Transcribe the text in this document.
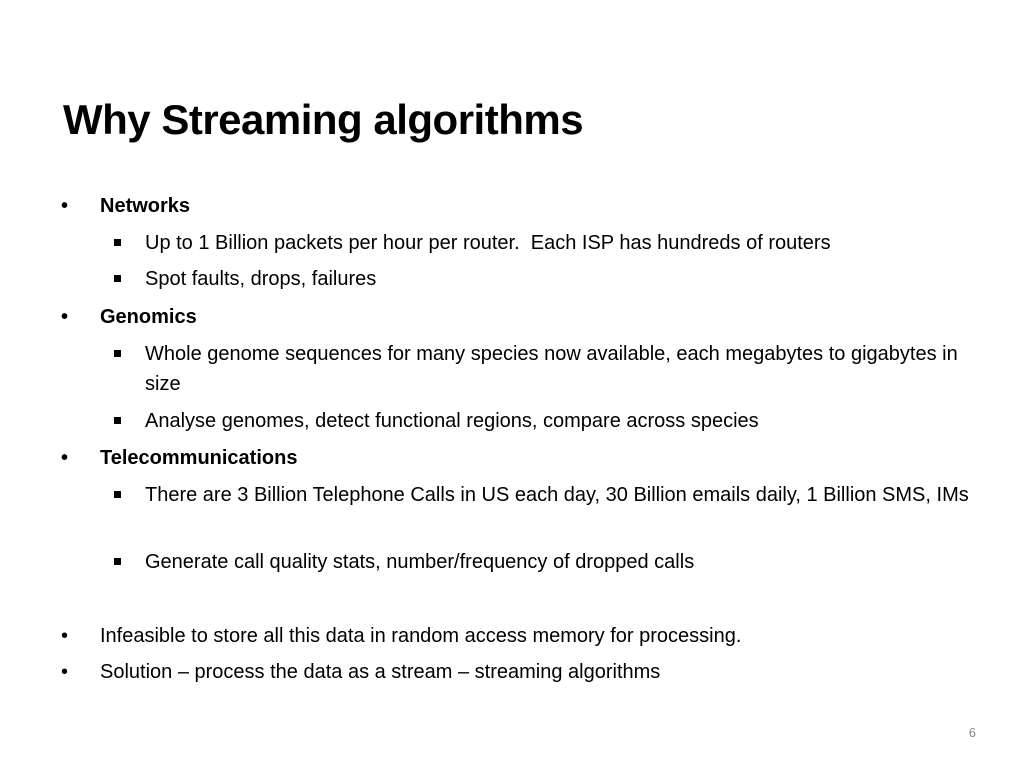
Why Streaming algorithms
• Networks
Up to 1 Billion packets per hour per router.  Each ISP has hundreds of routers
Spot faults, drops, failures
• Genomics
Whole genome sequences for many species now available, each megabytes to gigabytes in size
Analyse genomes, detect functional regions, compare across species
• Telecommunications
There are 3 Billion Telephone Calls in US each day, 30 Billion emails daily, 1 Billion SMS, IMs
Generate call quality stats, number/frequency of dropped calls
• Infeasible to store all this data in random access memory for processing.
• Solution – process the data as a stream – streaming algorithms
6
